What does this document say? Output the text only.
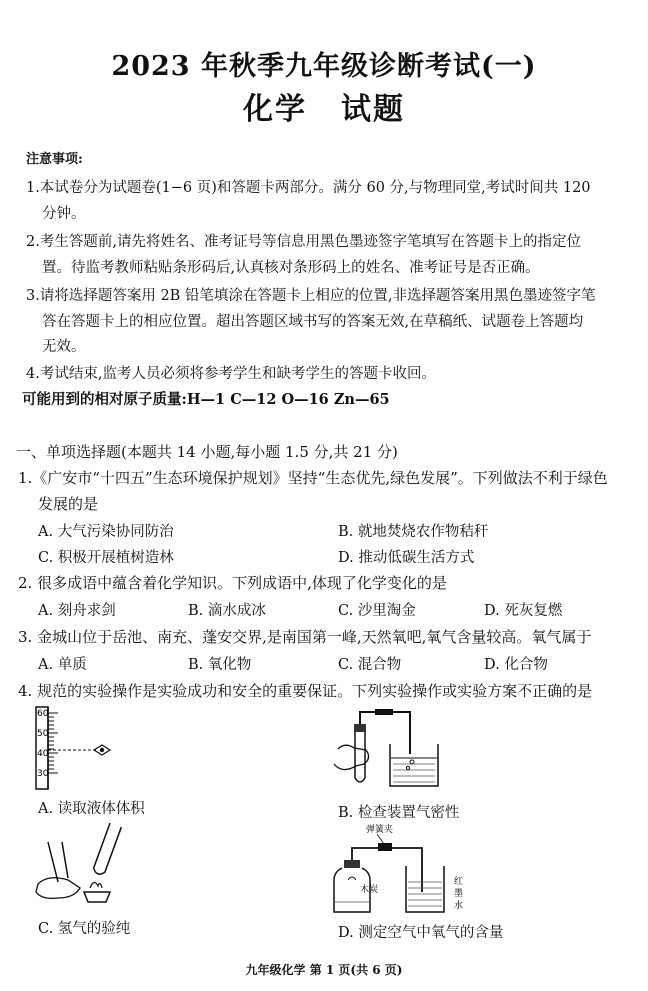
2023 年秋季九年级诊断考试(一)
化学 试题
注意事项:
1.本试卷分为试题卷(1−6 页)和答题卡两部分。满分 60 分,与物理同堂,考试时间共 120
分钟。
2.考生答题前,请先将姓名、准考证号等信息用黑色墨迹签字笔填写在答题卡上的指定位
置。待监考教师粘贴条形码后,认真核对条形码上的姓名、准考证号是否正确。
3.请将选择题答案用 2B 铅笔填涂在答题卡上相应的位置,非选择题答案用黑色墨迹签字笔
答在答题卡上的相应位置。超出答题区域书写的答案无效,在草稿纸、试题卷上答题均
无效。
4.考试结束,监考人员必须将参考学生和缺考学生的答题卡收回。
可能用到的相对原子质量:H—1 C—12 O—16 Zn—65
一、单项选择题(本题共 14 小题,每小题 1.5 分,共 21 分)
1.《广安市“十四五”生态环境保护规划》坚持“生态优先,绿色发展”。下列做法不利于绿色
发展的是
A. 大气污染协同防治	B. 就地焚烧农作物秸秆
C. 积极开展植树造林	D. 推动低碳生活方式
2. 很多成语中蕴含着化学知识。下列成语中,体现了化学变化的是
A. 刻舟求剑	B. 滴水成冰	C. 沙里淘金	D. 死灰复燃
3. 金城山位于岳池、南充、蓬安交界,是南国第一峰,天然氧吧,氧气含量较高。氧气属于
A. 单质	B. 氧化物	C. 混合物	D. 化合物
4. 规范的实验操作是实验成功和安全的重要保证。下列实验操作或实验方案不正确的是
60
50
40
30
A. 读取液体体积	B. 检查装置气密性
C. 氢气的验纯
弹簧夹
木炭
红
墨
水
D. 测定空气中氧气的含量
九年级化学 第 1 页(共 6 页)
